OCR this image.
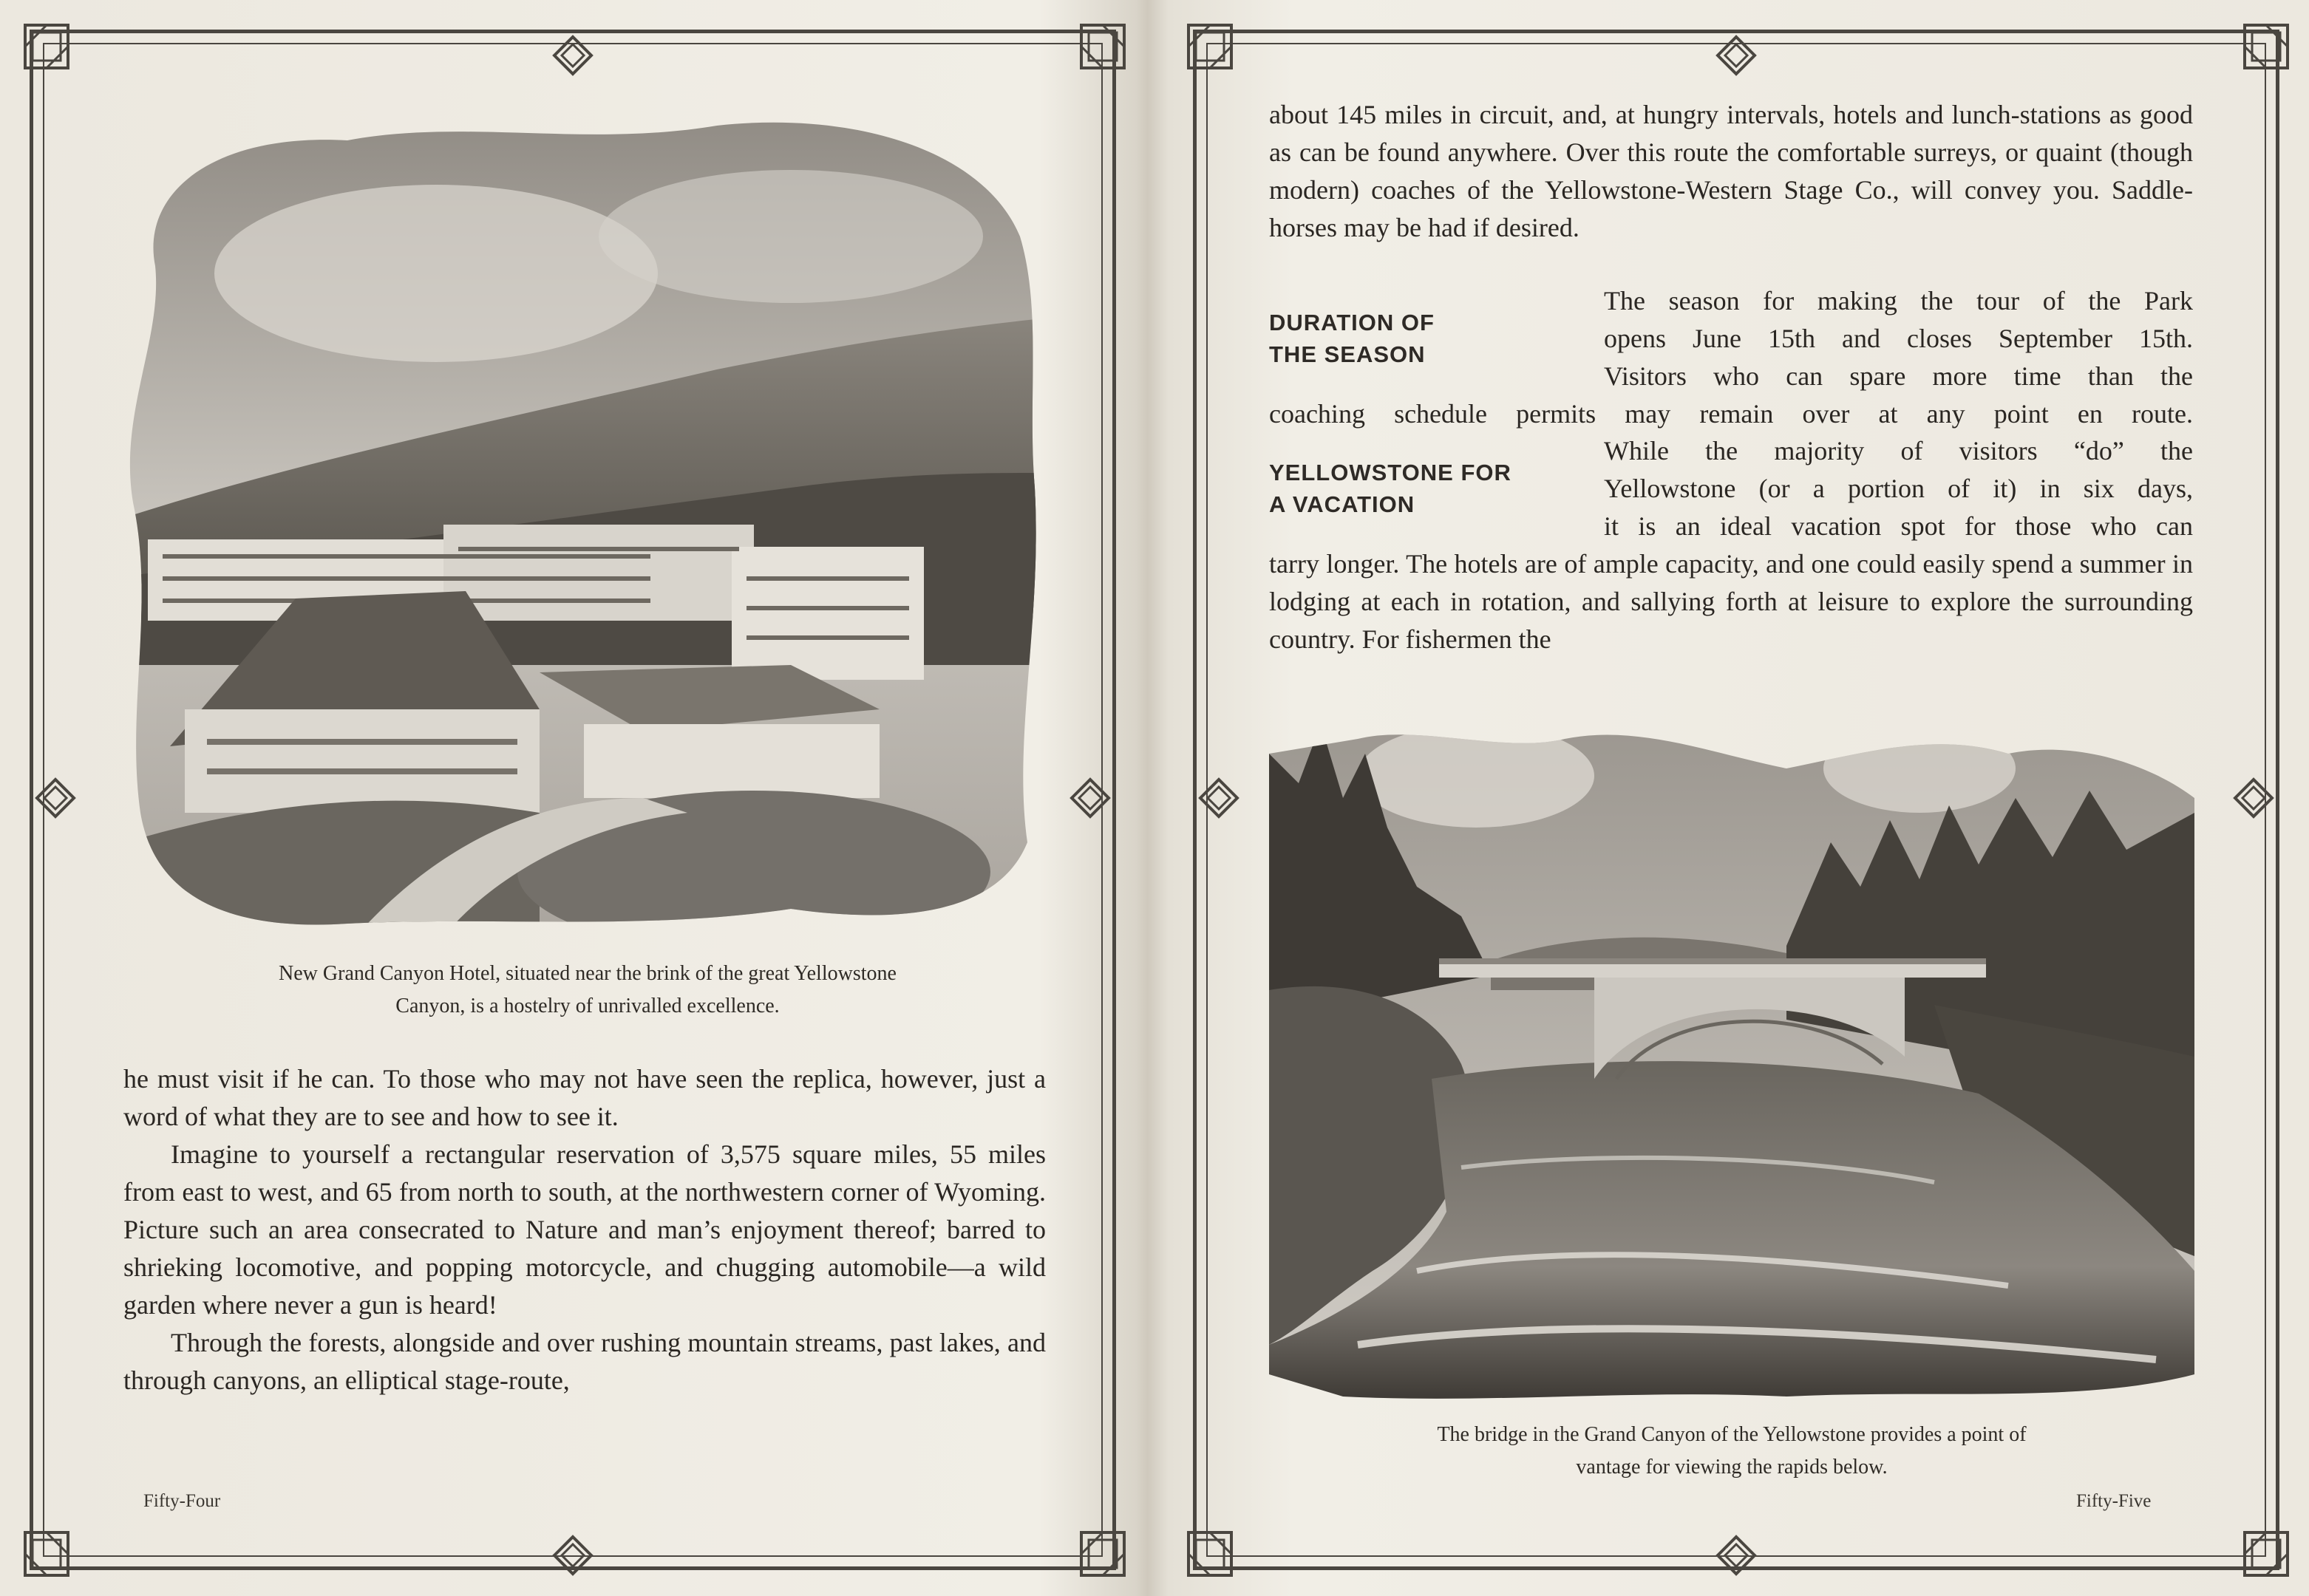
New Grand Canyon Hotel, situated near the brink of the great Yellowstone
Canyon, is a hostelry of unrivalled excellence.

he must visit if he can. To those who may not have seen the replica, however, just a word of what they are to see and how to see it.

Imagine to yourself a rectangular reservation of 3,575 square miles, 55 miles from east to west, and 65 from north to south, at the northwestern corner of Wyoming. Picture such an area consecrated to Nature and man’s enjoyment thereof; barred to shrieking locomotive, and popping motorcycle, and chugging automobile—a wild garden where never a gun is heard!

Through the forests, alongside and over rushing mountain streams, past lakes, and through canyons, an elliptical stage-route,

Fifty-Four

about 145 miles in circuit, and, at hungry intervals, hotels and lunch-stations as good as can be found anywhere. Over this route the comfortable surreys, or quaint (though modern) coaches of the Yellowstone-Western Stage Co., will convey you. Saddle-horses may be had if desired.

DURATION OF
THE SEASON
The season for making the tour of the Park
opens June 15th and closes September 15th.
Visitors who can spare more time than the
coaching schedule permits may remain over at any point en route.
YELLOWSTONE FOR
A VACATION
While the majority of visitors “do” the
Yellowstone (or a portion of it) in six days,
it is an ideal vacation spot for those who can

tarry longer. The hotels are of ample capacity, and one could easily spend a summer in lodging at each in rotation, and sallying forth at leisure to explore the surrounding country. For fishermen the

The bridge in the Grand Canyon of the Yellowstone provides a point of
vantage for viewing the rapids below.
Fifty-Five
